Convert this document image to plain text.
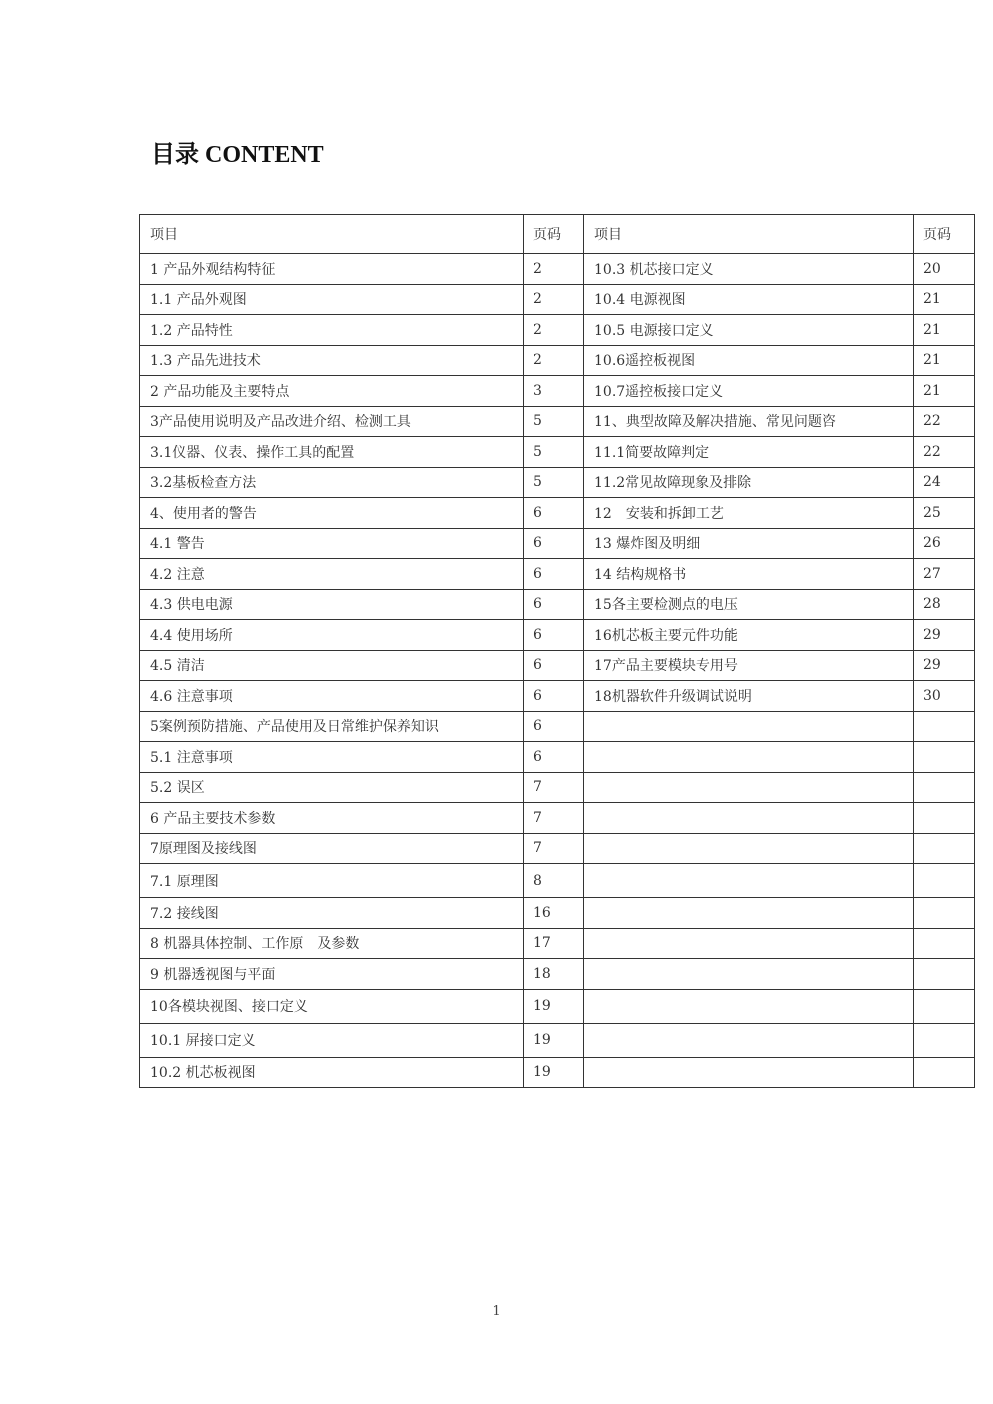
目录 CONTENT
项目	页码	项目	页码
1 产品外观结构特征	2	10.3 机芯接口定义	20
1.1 产品外观图	2	10.4 电源视图	21
1.2 产品特性	2	10.5 电源接口定义	21
1.3 产品先进技术	2	10.6遥控板视图	21
2 产品功能及主要特点	3	10.7遥控板接口定义	21
3产品使用说明及产品改进介绍、检测工具	5	11、典型故障及解决措施、常见问题咨	22
3.1仪器、仪表、操作工具的配置	5	11.1简要故障判定	22
3.2基板检查方法	5	11.2常见故障现象及排除	24
4、使用者的警告	6	12　安装和拆卸工艺	25
4.1 警告	6	13 爆炸图及明细	26
4.2 注意	6	14 结构规格书	27
4.3 供电电源	6	15各主要检测点的电压	28
4.4 使用场所	6	16机芯板主要元件功能	29
4.5 清洁	6	17产品主要模块专用号	29
4.6 注意事项	6	18机器软件升级调试说明	30
5案例预防措施、产品使用及日常维护保养知识	6		
5.1 注意事项	6		
5.2 误区	7		
6 产品主要技术参数	7		
7原理图及接线图	7		
7.1 原理图	8		
7.2 接线图	16		
8 机器具体控制、工作原　及参数	17		
9 机器透视图与平面	18		
10各模块视图、接口定义	19		
10.1 屏接口定义	19		
10.2 机芯板视图	19		
1
